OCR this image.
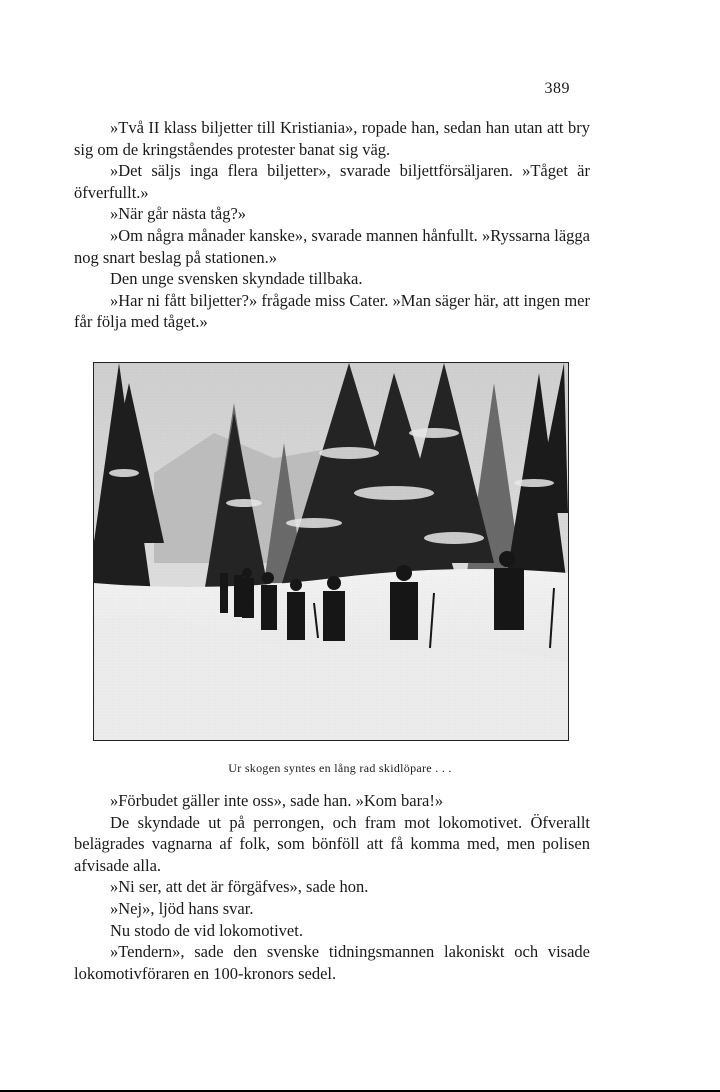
389

»Två II klass biljetter till Kristiania», ropade han, sedan han utan att bry sig om de kringståendes protester banat sig väg.

»Det säljs inga flera biljetter», svarade biljettförsäljaren. »Tåget är öfverfullt.»

»När går nästa tåg?»

»Om några månader kanske», svarade mannen hånfullt. »Ryssarna lägga nog snart beslag på stationen.»

Den unge svensken skyndade tillbaka.

»Har ni fått biljetter?» frågade miss Cater. »Man säger här, att ingen mer får följa med tåget.»

Ur skogen syntes en lång rad skidlöpare . . .

»Förbudet gäller inte oss», sade han. »Kom bara!»

De skyndade ut på perrongen, och fram mot lokomotivet. Öfverallt belägrades vagnarna af folk, som bönföll att få komma med, men polisen afvisade alla.

»Ni ser, att det är förgäfves», sade hon.

»Nej», ljöd hans svar.

Nu stodo de vid lokomotivet.

»Tendern», sade den svenske tidningsmannen lakoniskt och visade lokomotivföraren en 100-kronors sedel.
